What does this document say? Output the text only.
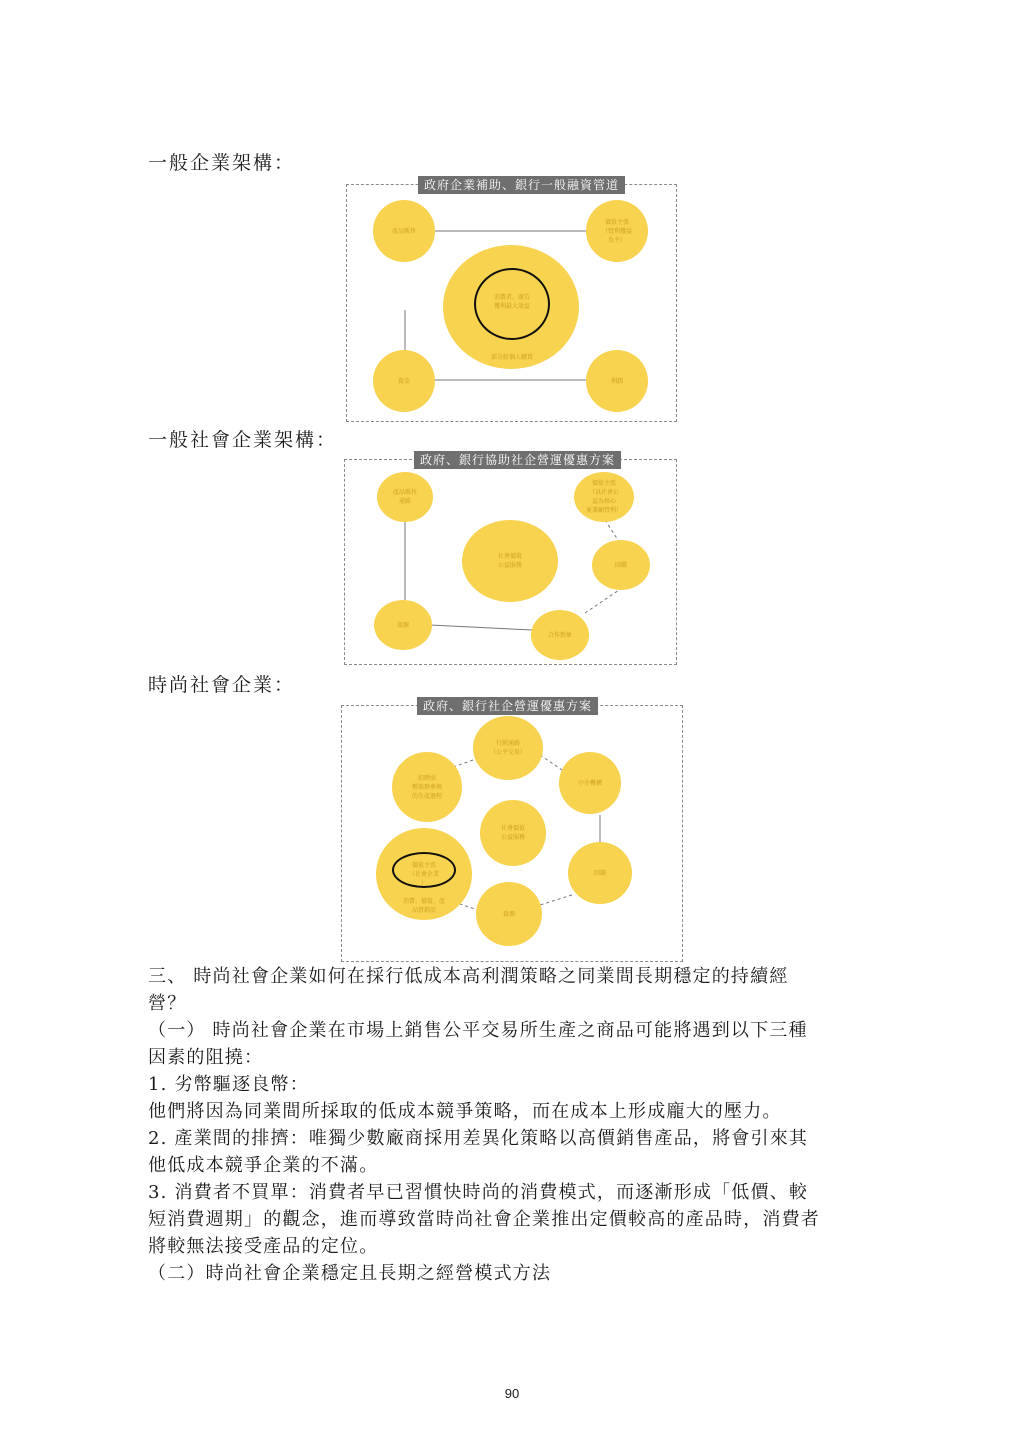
一般企業架構：
政府企業補助、銀行一般融資管道
產品販售
價值主張
（營利獲益
為主）
消費者、廣告
獲利最大效益
部分給個人購買
資金	利潤
一般社會企業架構：
政府、銀行協助社企營運優惠方案
產品販售
通路
價值主張
（以社會公
益為核心
並兼顧營利）
社會價值
公益服務	回饋
資源
合作對象
時尚社會企業：
政府、銀行社企營運優惠方案
行銷通路
（公平交易）
中介機構
招聘弱
勢族群參與
的生產過程
社會價值
公益服務
價值主張
（社會企業
）
消費、價值、產
品營銷活
回饋
資源

三、 時尚社會企業如何在採行低成本高利潤策略之同業間長期穩定的持續經

營？

（一） 時尚社會企業在市場上銷售公平交易所生產之商品可能將遇到以下三種

因素的阻撓：

1. 劣幣驅逐良幣：

他們將因為同業間所採取的低成本競爭策略，而在成本上形成龐大的壓力。

2. 產業間的排擠：唯獨少數廠商採用差異化策略以高價銷售產品，將會引來其

他低成本競爭企業的不滿。

3. 消費者不買單：消費者早已習慣快時尚的消費模式，而逐漸形成「低價、較

短消費週期」的觀念，進而導致當時尚社會企業推出定價較高的產品時，消費者

將較無法接受產品的定位。

（二）時尚社會企業穩定且長期之經營模式方法

90
